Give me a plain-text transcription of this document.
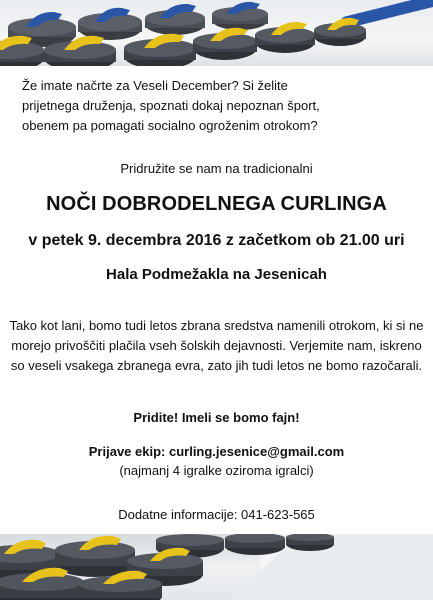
Že imate načrte za Veseli December? Si želite prijetnega druženja, spoznati dokaj nepoznan šport, obenem pa pomagati socialno ogroženim otrokom?
Pridružite se nam na tradicionalni
NOČI DOBRODELNEGA CURLINGA
v petek 9. decembra 2016 z začetkom ob 21.00 uri
Hala Podmežakla na Jesenicah
Tako kot lani, bomo tudi letos zbrana sredstva namenili otrokom, ki si ne morejo privoščiti plačila vseh šolskih dejavnosti. Verjemite nam, iskreno so veseli vsakega zbranega evra, zato jih tudi letos ne bomo razočarali.
Pridite! Imeli se bomo fajn!
Prijave ekip: curling.jesenice@gmail.com
(najmanj 4 igralke oziroma igralci)
Dodatne informacije: 041-623-565
